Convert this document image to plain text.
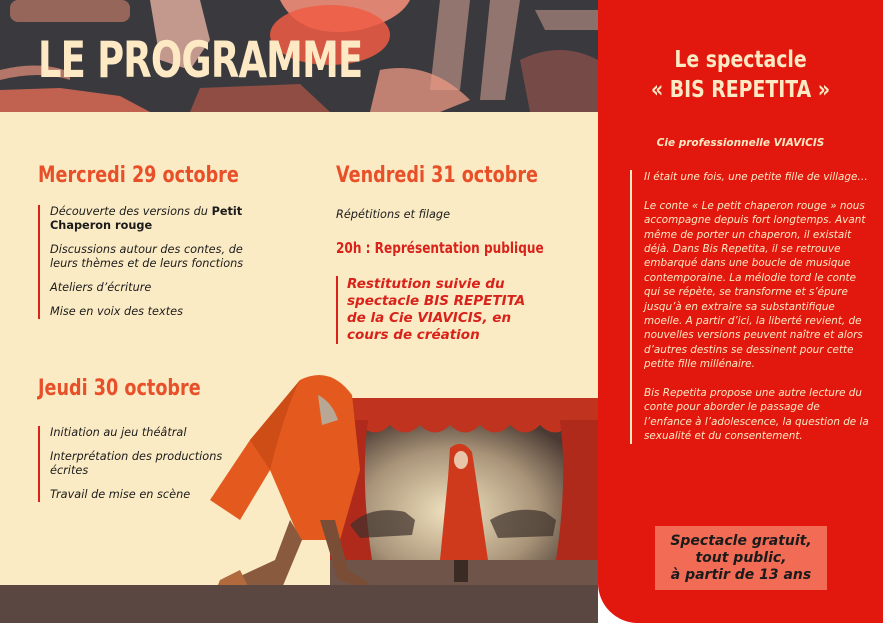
LE PROGRAMME
Mercredi 29 octobre

Découverte des versions du Petit Chaperon rouge

Discussions autour des contes, de leurs thèmes et de leurs fonctions

Ateliers d’écriture

Mise en voix des textes

Vendredi 31 octobre
Répétitions et filage
20h : Représentation publique
Restitution suivie du spectacle BIS REPETITA de la Cie VIAVICIS, en cours de création
Jeudi 30 octobre

Initiation au jeu théâtral

Interprétation des productions écrites

Travail de mise en scène

Le spectacle
« BIS REPETITA »

Cie professionnelle VIAVICIS

Il était une fois, une petite fille de village…

Le conte « Le petit chaperon rouge » nous accompagne depuis fort longtemps. Avant même de porter un chaperon, il existait déjà. Dans Bis Repetita, il se retrouve embarqué dans une boucle de musique contemporaine. La mélodie tord le conte qui se répète, se transforme et s’épure jusqu’à en extraire sa substantifique moelle. A partir d’ici, la liberté revient, de nouvelles versions peuvent naître et alors d’autres destins se dessinent pour cette petite fille millénaire.

Bis Repetita propose une autre lecture du conte pour aborder le passage de l’enfance à l’adolescence, la question de la sexualité et du consentement.

Spectacle gratuit,
tout public,
à partir de 13 ans
